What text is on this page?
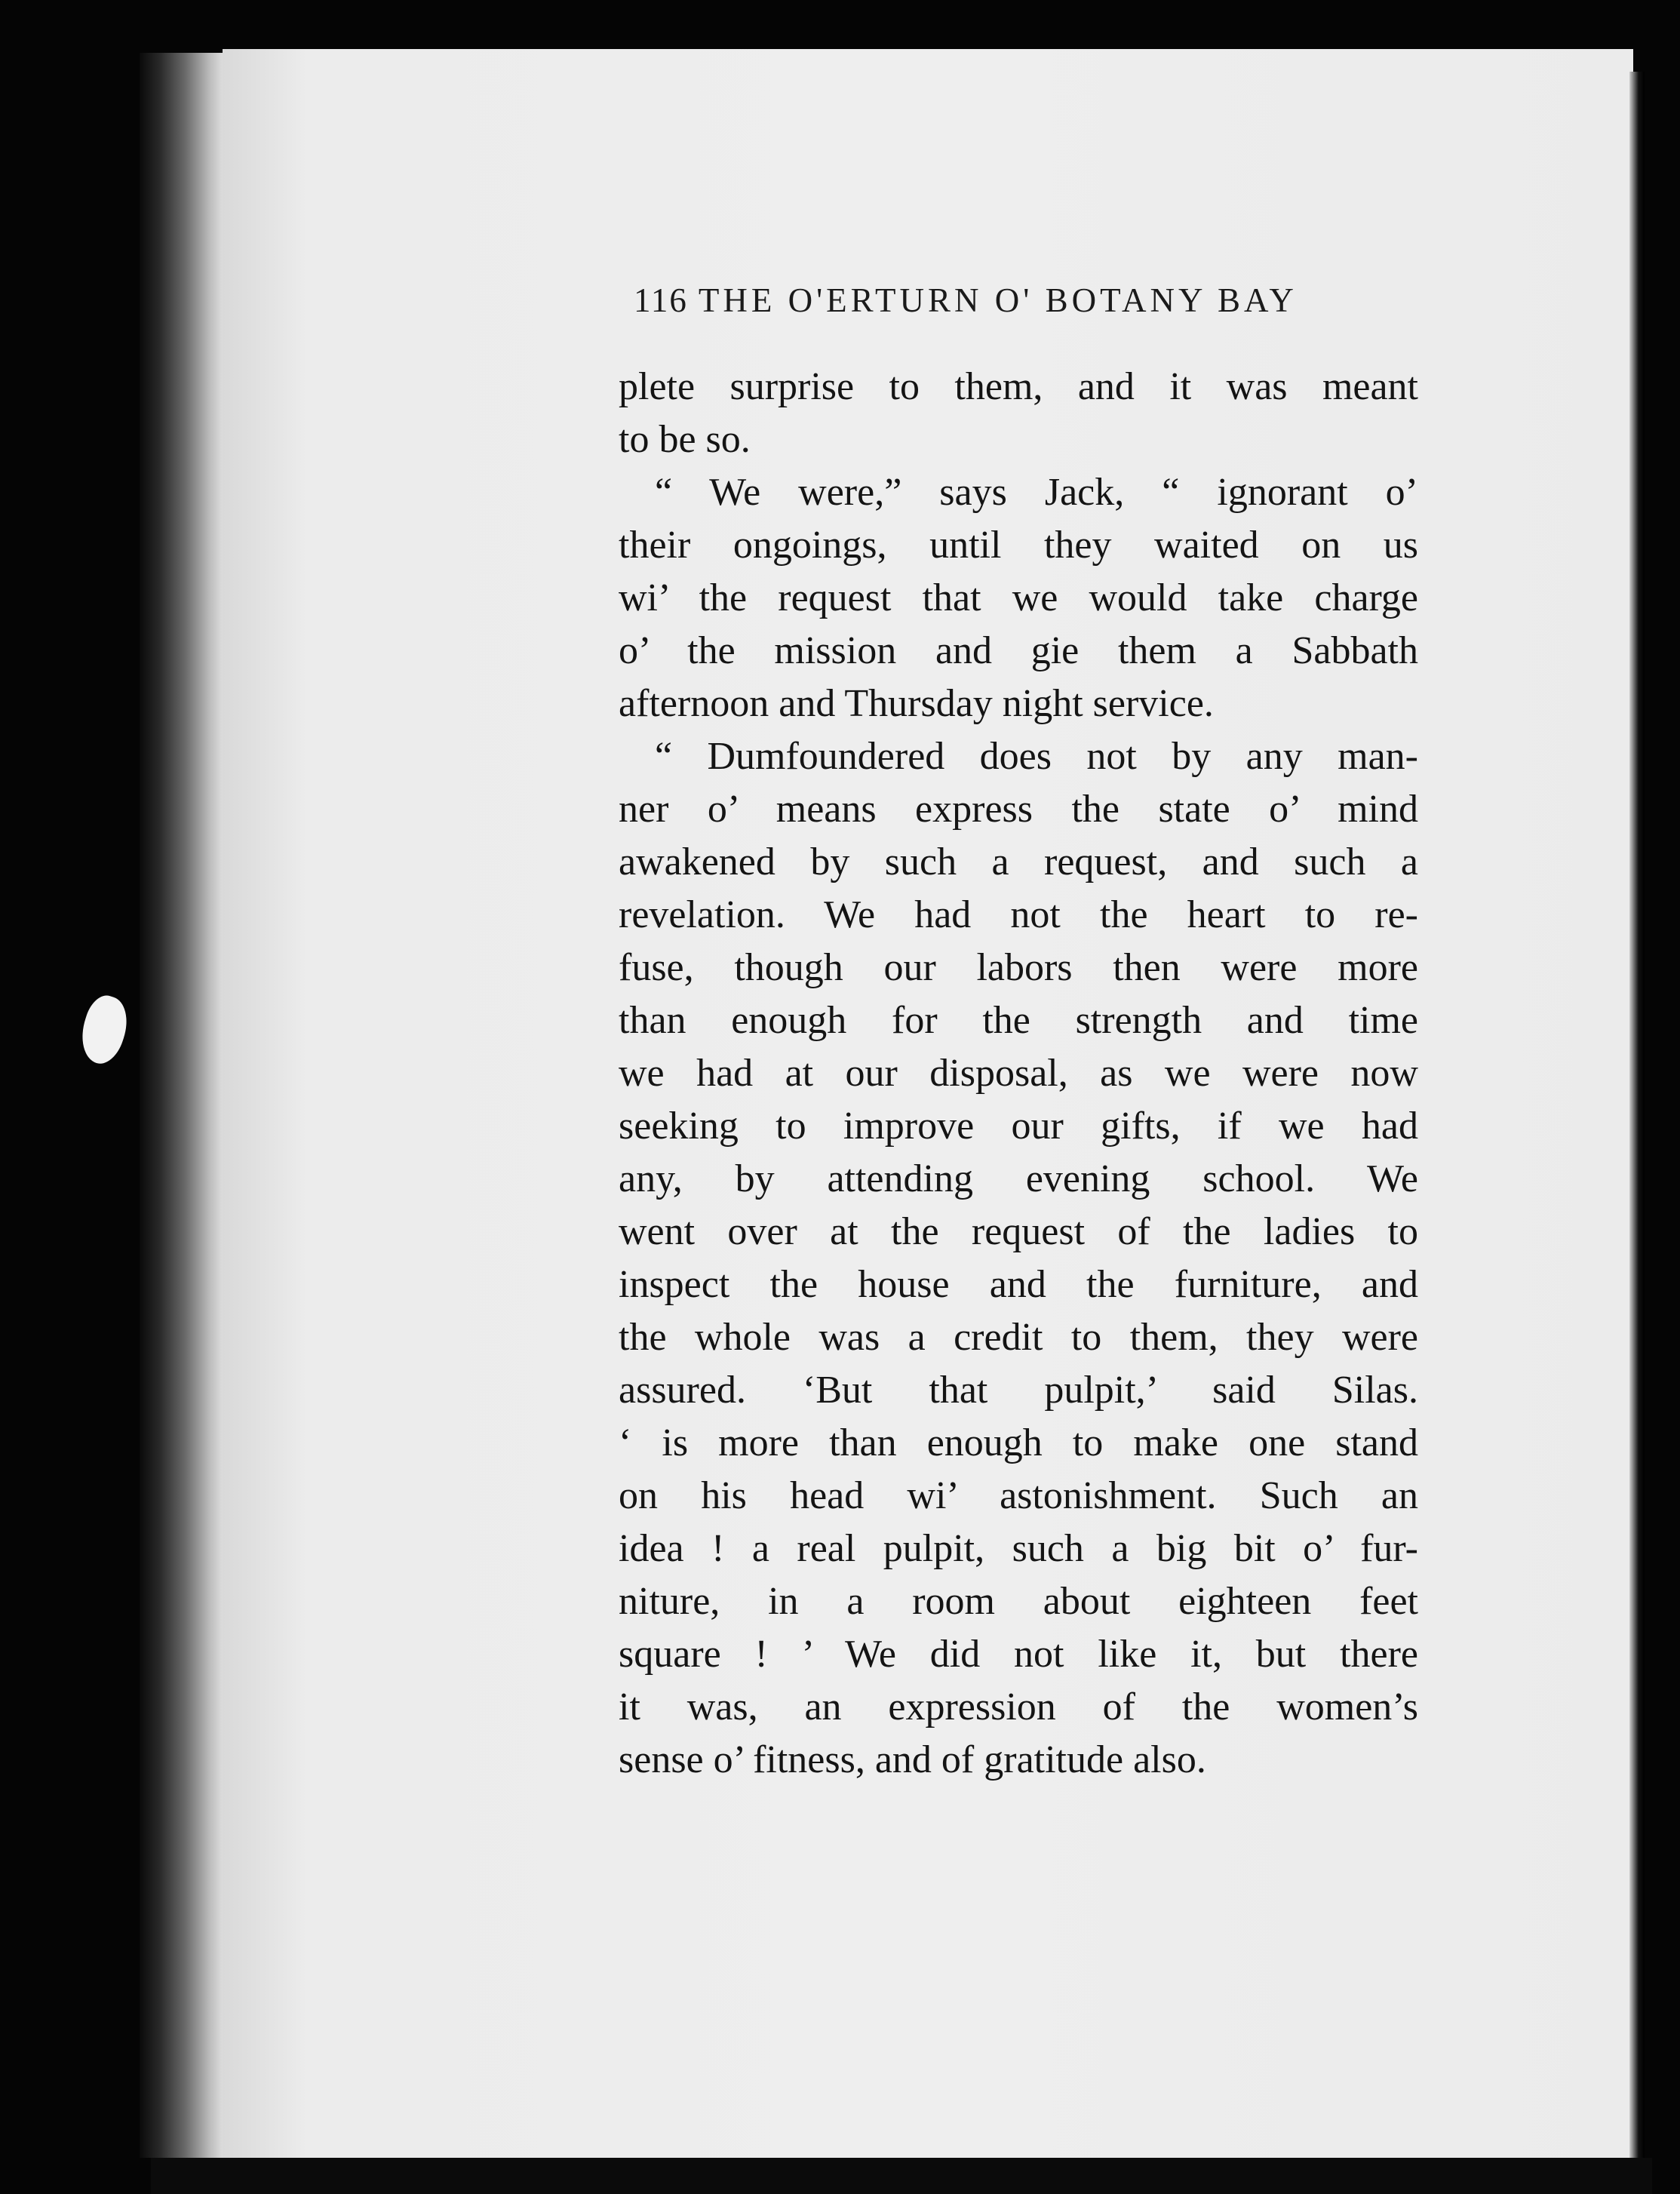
116 THE O'ERTURN O' BOTANY BAY
plete surprise to them, and it was meant
to be so.
“ We were,” says Jack, “ ignorant o’
their ongoings, until they waited on us
wi’ the request that we would take charge
o’ the mission and gie them a Sabbath
afternoon and Thursday night service.
“ Dumfoundered does not by any man-
ner o’ means express the state o’ mind
awakened by such a request, and such a
revelation. We had not the heart to re-
fuse, though our labors then were more
than enough for the strength and time
we had at our disposal, as we were now
seeking to improve our gifts, if we had
any, by attending evening school. We
went over at the request of the ladies to
inspect the house and the furniture, and
the whole was a credit to them, they were
assured. ‘But that pulpit,’ said Silas.
‘ is more than enough to make one stand
on his head wi’ astonishment. Such an
idea ! a real pulpit, such a big bit o’ fur-
niture, in a room about eighteen feet
square ! ’ We did not like it, but there
it was, an expression of the women’s
sense o’ fitness, and of gratitude also.
